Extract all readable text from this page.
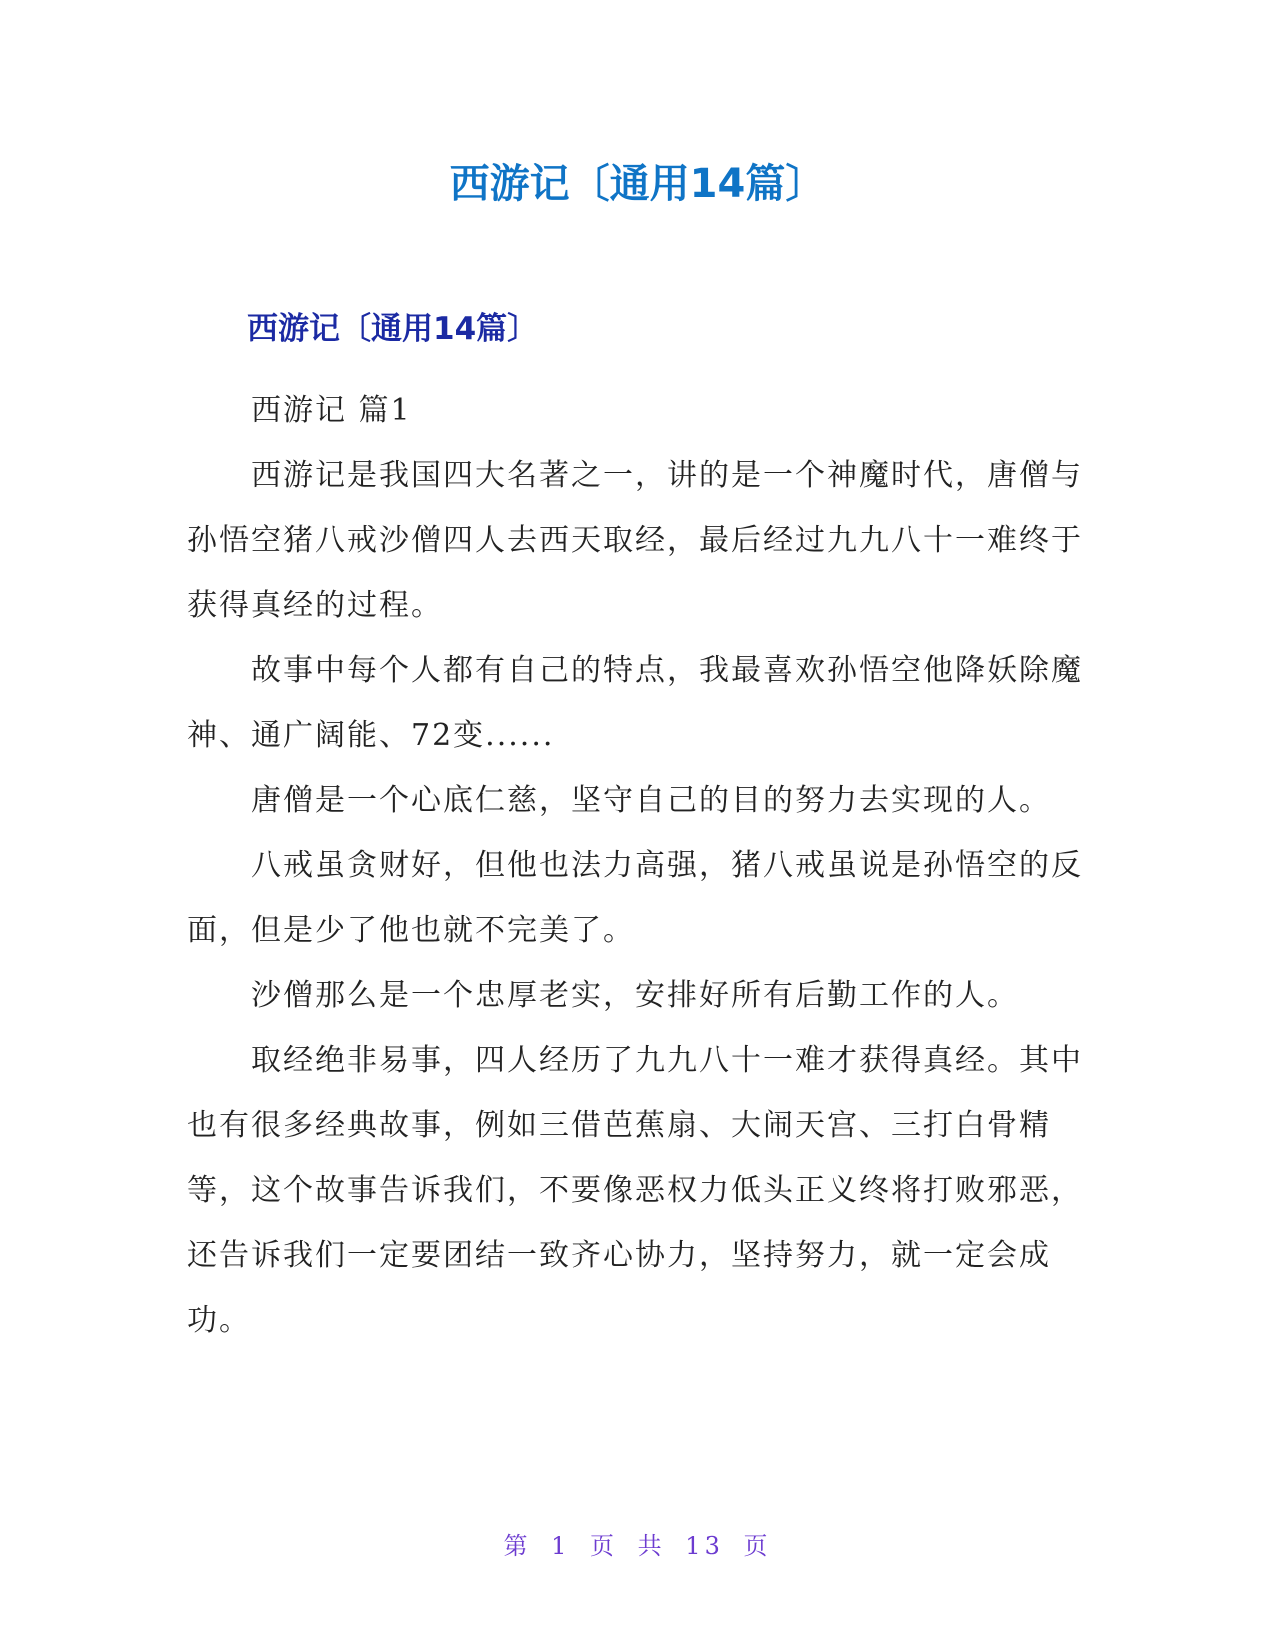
西游记〔通用14篇〕
西游记〔通用14篇〕

西游记 篇1

西游记是我国四大名著之一，讲的是一个神魔时代，唐僧与孙悟空猪八戒沙僧四人去西天取经，最后经过九九八十一难终于获得真经的过程。

故事中每个人都有自己的特点，我最喜欢孙悟空他降妖除魔神、通广阔能、72变......

唐僧是一个心底仁慈，坚守自己的目的努力去实现的人。

八戒虽贪财好，但他也法力高强，猪八戒虽说是孙悟空的反面，但是少了他也就不完美了。

沙僧那么是一个忠厚老实，安排好所有后勤工作的人。

取经绝非易事，四人经历了九九八十一难才获得真经。其中也有很多经典故事，例如三借芭蕉扇、大闹天宫、三打白骨精等，这个故事告诉我们，不要像恶权力低头正义终将打败邪恶，还告诉我们一定要团结一致齐心协力，坚持努力，就一定会成功。

第 1 页 共 13 页
